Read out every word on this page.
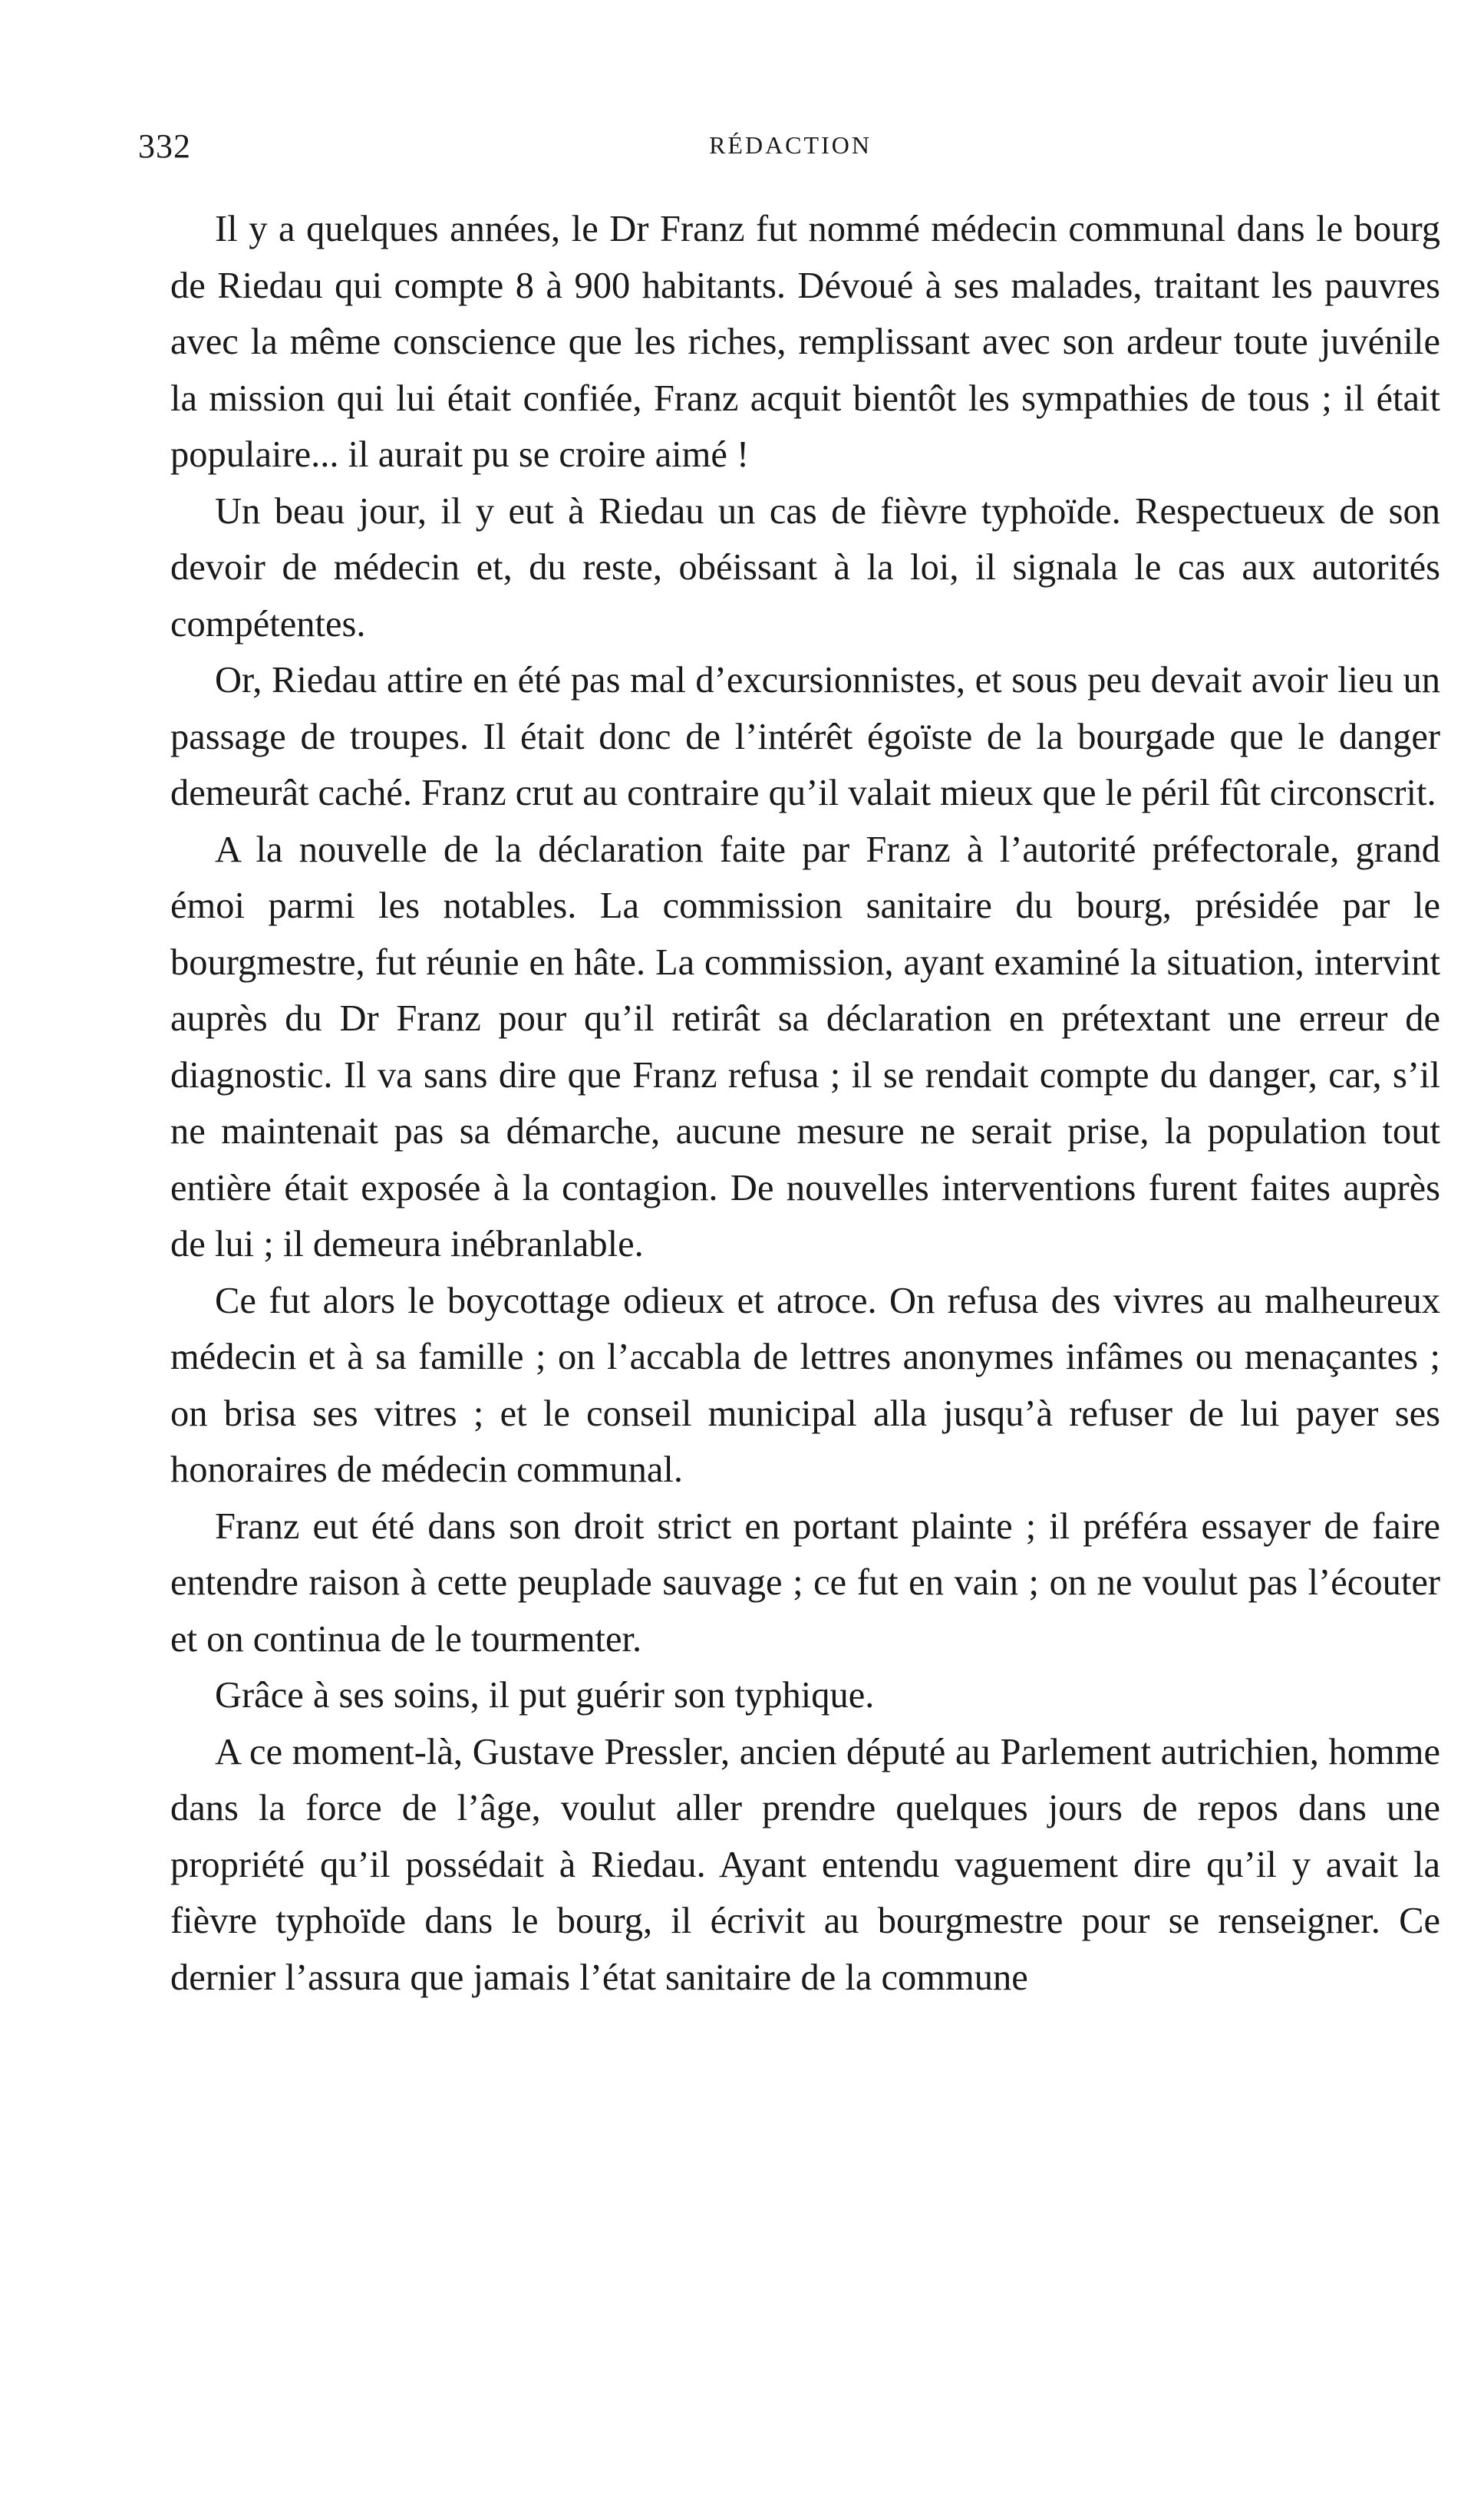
332	RÉDACTION

Il y a quelques années, le Dr Franz fut nommé médecin communal dans le bourg de Riedau qui compte 8 à 900 habitants. Dévoué à ses malades, traitant les pauvres avec la même conscience que les riches, remplissant avec son ardeur toute juvénile la mission qui lui était confiée, Franz acquit bientôt les sympathies de tous ; il était populaire... il aurait pu se croire aimé !

Un beau jour, il y eut à Riedau un cas de fièvre typhoïde. Respectueux de son devoir de médecin et, du reste, obéissant à la loi, il signala le cas aux autorités compétentes.

Or, Riedau attire en été pas mal d’excursionnistes, et sous peu devait avoir lieu un passage de troupes. Il était donc de l’intérêt égoïste de la bourgade que le danger demeurât caché. Franz crut au contraire qu’il valait mieux que le péril fût circonscrit.

A la nouvelle de la déclaration faite par Franz à l’autorité préfectorale, grand émoi parmi les notables. La commission sanitaire du bourg, présidée par le bourgmestre, fut réunie en hâte. La commission, ayant examiné la situation, intervint auprès du Dr Franz pour qu’il retirât sa déclaration en prétextant une erreur de diagnostic. Il va sans dire que Franz refusa ; il se rendait compte du danger, car, s’il ne maintenait pas sa démarche, aucune mesure ne serait prise, la population tout entière était exposée à la contagion. De nouvelles interventions furent faites auprès de lui ; il demeura inébranlable.

Ce fut alors le boycottage odieux et atroce. On refusa des vivres au malheureux médecin et à sa famille ; on l’accabla de lettres anonymes infâmes ou menaçantes ; on brisa ses vitres ; et le conseil municipal alla jusqu’à refuser de lui payer ses honoraires de médecin communal.

Franz eut été dans son droit strict en portant plainte ; il préféra essayer de faire entendre raison à cette peuplade sauvage ; ce fut en vain ; on ne voulut pas l’écouter et on continua de le tourmenter.

Grâce à ses soins, il put guérir son typhique.

A ce moment-là, Gustave Pressler, ancien député au Parlement autrichien, homme dans la force de l’âge, voulut aller prendre quelques jours de repos dans une propriété qu’il possédait à Riedau. Ayant entendu vaguement dire qu’il y avait la fièvre typhoïde dans le bourg, il écrivit au bourgmestre pour se renseigner. Ce dernier l’assura que jamais l’état sanitaire de la commune
